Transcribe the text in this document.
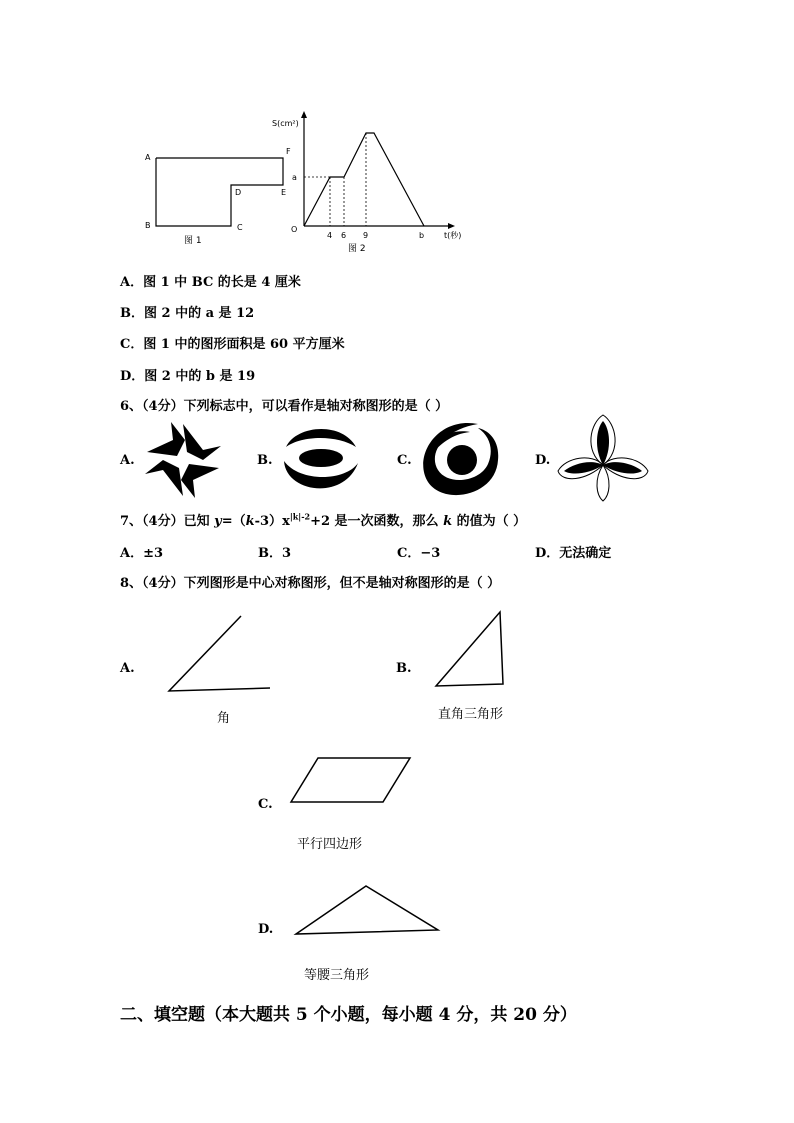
A
B	C
D	E
F
图 1
S(cm²)
t(秒)
O
a
4 6 9	b
图 2
A．图 1 中 BC 的长是 4 厘米
B．图 2 中的 a 是 12
C．图 1 中的图形面积是 60 平方厘米
D．图 2 中的 b 是 19
6、（4分）下列标志中，可以看作是轴对称图形的是（ ）
A.	B.	C.	D.
7、（4分）已知 $y=(k-3)x^{|k|-2}+2$ 是一次函数，那么 k 的值为（ ）
A．±3	B．3	C．−3	D．无法确定
8、（4分）下列图形是中心对称图形，但不是轴对称图形的是（ ）
A.
角
B.
直角三角形
C.
平行四边形
D.
等腰三角形
二、填空题（本大题共 5 个小题，每小题 4 分，共 20 分）
